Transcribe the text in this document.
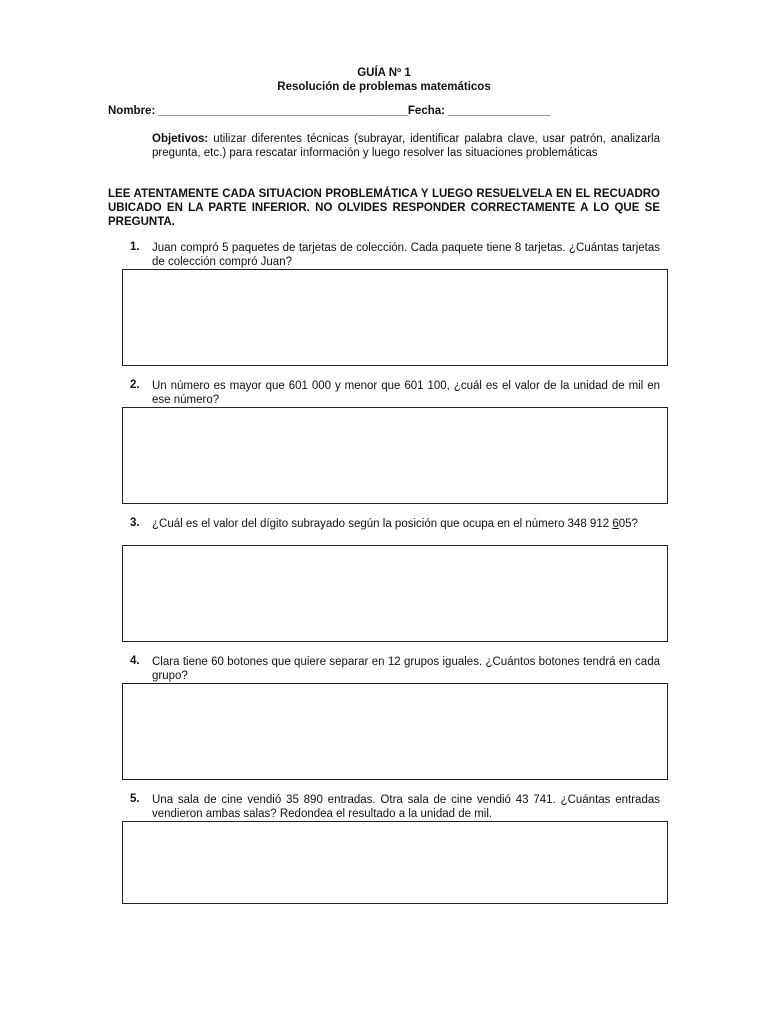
GUÍA Nº 1
Resolución de problemas matemáticos
Nombre: _______________________________________Fecha: ________________
Objetivos: utilizar diferentes técnicas (subrayar, identificar palabra clave, usar patrón, analizarla pregunta, etc.) para rescatar información y luego resolver las situaciones problemáticas
LEE ATENTAMENTE CADA SITUACION PROBLEMÁTICA Y LUEGO RESUELVELA EN EL RECUADRO UBICADO EN LA PARTE INFERIOR. NO OLVIDES RESPONDER CORRECTAMENTE A LO QUE SE PREGUNTA.
1. Juan compró 5 paquetes de tarjetas de colección. Cada paquete tiene 8 tarjetas. ¿Cuántas tarjetas de colección compró Juan?
2. Un número es mayor que 601 000 y menor que 601 100, ¿cuál es el valor de la unidad de mil en ese número?
3. ¿Cuál es el valor del dígito subrayado según la posición que ocupa en el número 348 912 605?
4. Clara tiene 60 botones que quiere separar en 12 grupos iguales. ¿Cuántos botones tendrá en cada grupo?
5. Una sala de cine vendió 35 890 entradas. Otra sala de cine vendió 43 741. ¿Cuántas entradas vendieron ambas salas? Redondea el resultado a la unidad de mil.
